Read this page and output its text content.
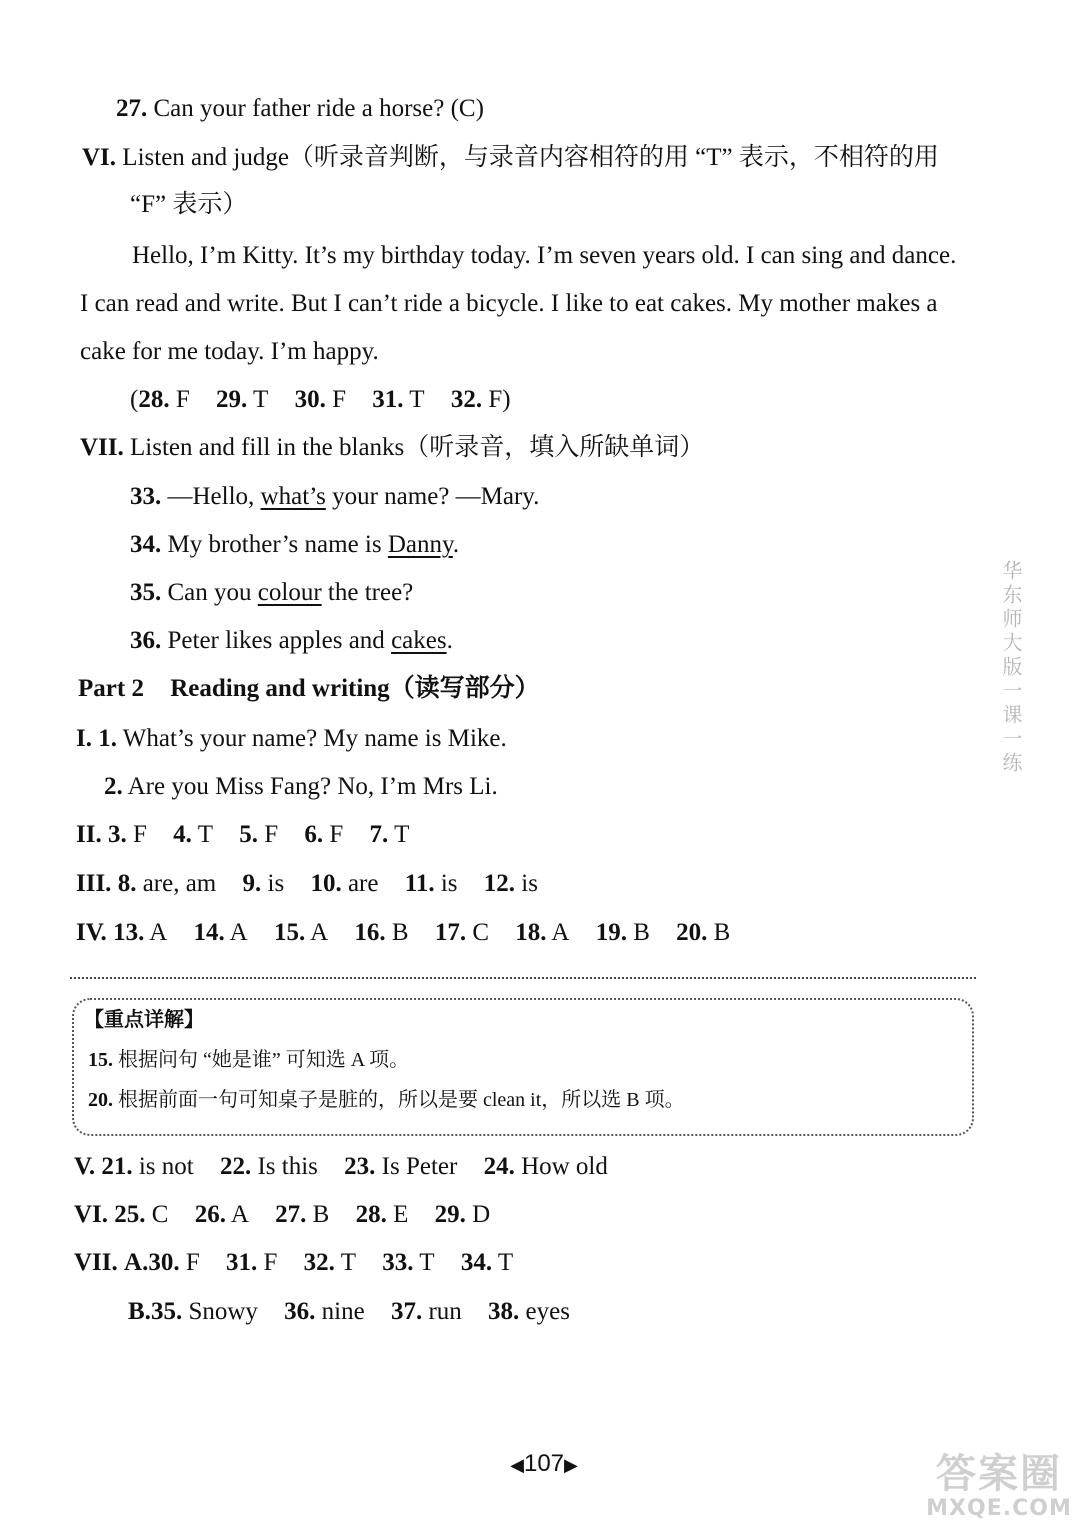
27. Can your father ride a horse? (C)
VI. Listen and judge（听录音判断，与录音内容相符的用 “T” 表示，不相符的用
“F” 表示）
Hello, I’m Kitty. It’s my birthday today. I’m seven years old. I can sing and dance.
I can read and write. But I can’t ride a bicycle. I like to eat cakes. My mother makes a
cake for me today. I’m happy.
(28. F 29. T 30. F 31. T 32. F)
VII. Listen and fill in the blanks（听录音，填入所缺单词）
33. —Hello, what’s your name? —Mary.
34. My brother’s name is Danny.
35. Can you colour the tree?
36. Peter likes apples and cakes.
Part 2 Reading and writing（读写部分）
I. 1. What’s your name? My name is Mike.
2. Are you Miss Fang? No, I’m Mrs Li.
II. 3. F 4. T 5. F 6. F 7. T
III. 8. are, am 9. is 10. are 11. is 12. is
IV. 13. A 14. A 15. A 16. B 17. C 18. A 19. B 20. B
【重点详解】
15. 根据问句 “她是谁” 可知选 A 项。
20. 根据前面一句可知桌子是脏的，所以是要 clean it，所以选 B 项。
V. 21. is not 22. Is this 23. Is Peter 24. How old
VI. 25. C 26. A 27. B 28. E 29. D
VII. A.30. F 31. F 32. T 33. T 34. T
B.35. Snowy 36. nine 37. run 38. eyes
华东师大版一课一练
◀107▶	答案圈
MXQE.COM
